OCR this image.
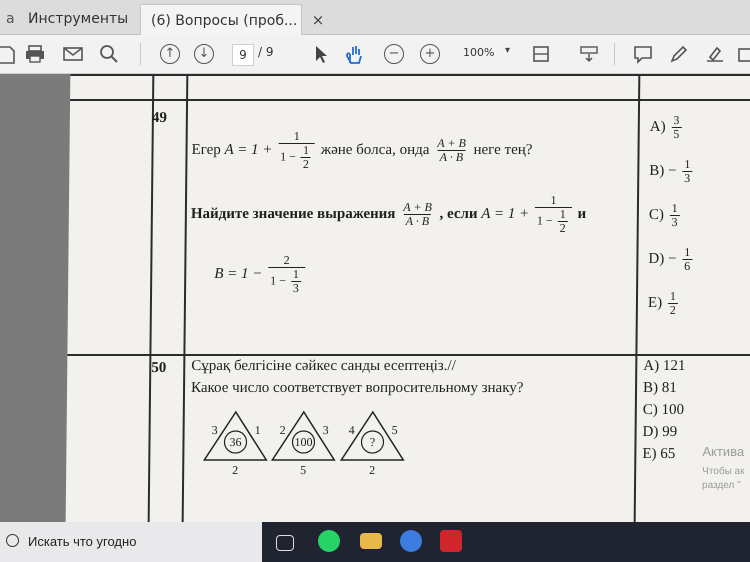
а Инструменты	(6) Вопросы (проб... ×
↑	↓	9 / 9	−	+	100% ▾
49
Егер $A = 1 + \frac{1}{1 - \frac{1}{2}}$ және болса, онда $\frac{A + B}{A \cdot B}$ неге тең?
Найдите значение выражения $\frac{A + B}{A \cdot B}$ , если $A = 1 + \frac{1}{1 - \frac{1}{2}}$ и
$B = 1 - \frac{2}{1 - \frac{1}{3}}$
$A) \frac{3}{5}$
$B) - \frac{1}{3}$
$C) \frac{1}{3}$
$D) - \frac{1}{6}$
$E) \frac{1}{2}$
50 Сұрақ белгісіне сәйкес санды есептеңіз.//
Какое число соответствует вопросительному знаку?
3	1
36
2
2	3
100
5
4	5
?
2
A) 121
B) 81
C) 100
D) 99
E) 65	Актива
Чтобы ак
раздел "
Искать что угодно
